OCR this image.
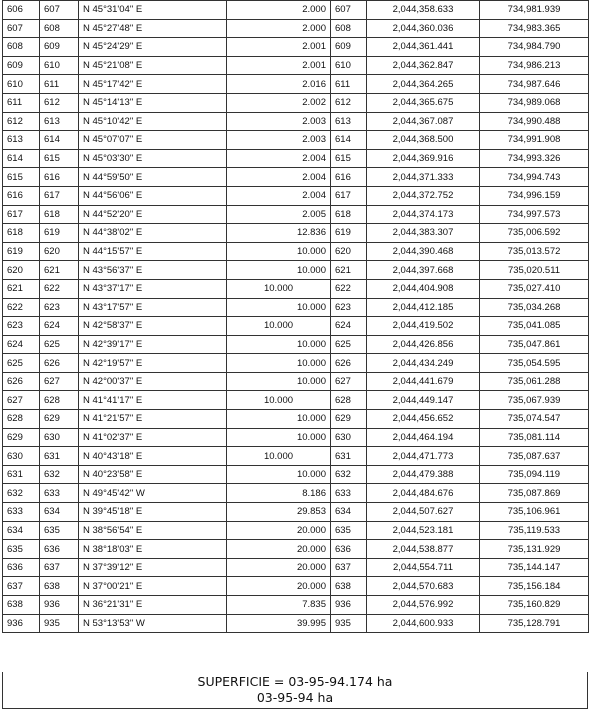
606	607	N 45°31'04" E	2.000	607	2,044,358.633	734,981.939
607	608	N 45°27'48" E	2.000	608	2,044,360.036	734,983.365
608	609	N 45°24'29" E	2.001	609	2,044,361.441	734,984.790
609	610	N 45°21'08" E	2.001	610	2,044,362.847	734,986.213
610	611	N 45°17'42" E	2.016	611	2,044,364.265	734,987.646
611	612	N 45°14'13" E	2.002	612	2,044,365.675	734,989.068
612	613	N 45°10'42" E	2.003	613	2,044,367.087	734,990.488
613	614	N 45°07'07" E	2.003	614	2,044,368.500	734,991.908
614	615	N 45°03'30" E	2.004	615	2,044,369.916	734,993.326
615	616	N 44°59'50" E	2.004	616	2,044,371.333	734,994.743
616	617	N 44°56'06" E	2.004	617	2,044,372.752	734,996.159
617	618	N 44°52'20" E	2.005	618	2,044,374.173	734,997.573
618	619	N 44°38'02" E	12.836	619	2,044,383.307	735,006.592
619	620	N 44°15'57" E	10.000	620	2,044,390.468	735,013.572
620	621	N 43°56'37" E	10.000	621	2,044,397.668	735,020.511
621	622	N 43°37'17" E	10.000	622	2,044,404.908	735,027.410
622	623	N 43°17'57" E	10.000	623	2,044,412.185	735,034.268
623	624	N 42°58'37" E	10.000	624	2,044,419.502	735,041.085
624	625	N 42°39'17" E	10.000	625	2,044,426.856	735,047.861
625	626	N 42°19'57" E	10.000	626	2,044,434.249	735,054.595
626	627	N 42°00'37" E	10.000	627	2,044,441.679	735,061.288
627	628	N 41°41'17" E	10.000	628	2,044,449.147	735,067.939
628	629	N 41°21'57" E	10.000	629	2,044,456.652	735,074.547
629	630	N 41°02'37" E	10.000	630	2,044,464.194	735,081.114
630	631	N 40°43'18" E	10.000	631	2,044,471.773	735,087.637
631	632	N 40°23'58" E	10.000	632	2,044,479.388	735,094.119
632	633	N 49°45'42" W	8.186	633	2,044,484.676	735,087.869
633	634	N 39°45'18" E	29.853	634	2,044,507.627	735,106.961
634	635	N 38°56'54" E	20.000	635	2,044,523.181	735,119.533
635	636	N 38°18'03" E	20.000	636	2,044,538.877	735,131.929
636	637	N 37°39'12" E	20.000	637	2,044,554.711	735,144.147
637	638	N 37°00'21" E	20.000	638	2,044,570.683	735,156.184
638	936	N 36°21'31" E	7.835	936	2,044,576.992	735,160.829
936	935	N 53°13'53" W	39.995	935	2,044,600.933	735,128.791
SUPERFICIE = 03-95-94.174 ha
03-95-94 ha
